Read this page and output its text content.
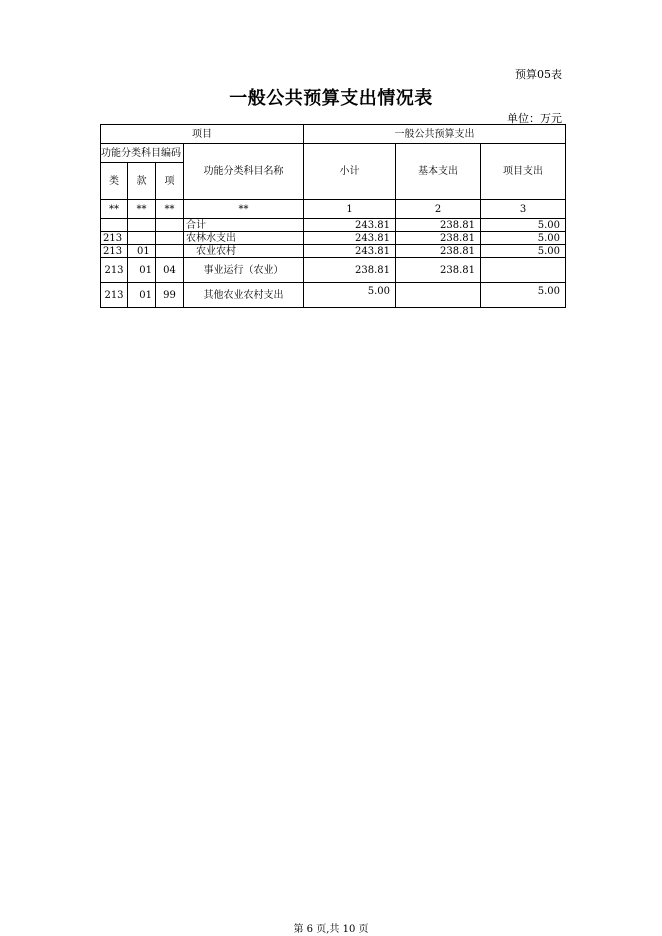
预算05表
一般公共预算支出情况表
单位：万元
项目				一般公共预算支出		
功能分类科目编码			功能分类科目名称	小计	基本支出	项目支出
类	款	项				
**	**	**	**	1	2	3
			合计	243.81	238.81	5.00
213			农林水支出	243.81	238.81	5.00
213	01		农业农村	243.81	238.81	5.00
213	01	04	事业运行（农业）	238.81	238.81	
213	01	99	其他农业农村支出	5.00		5.00
第 6 页,共 10 页
